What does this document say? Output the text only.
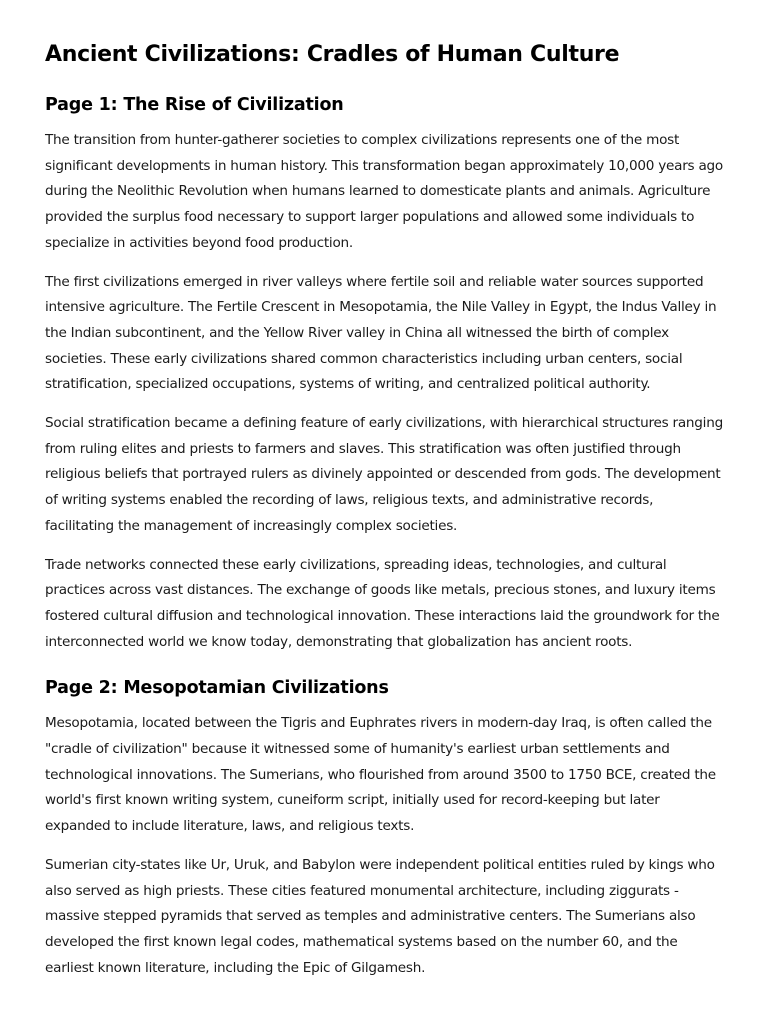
Ancient Civilizations: Cradles of Human Culture
Page 1: The Rise of Civilization

The transition from hunter-gatherer societies to complex civilizations represents one of the most significant developments in human history. This transformation began approximately 10,000 years ago during the Neolithic Revolution when humans learned to domesticate plants and animals. Agriculture provided the surplus food necessary to support larger populations and allowed some individuals to specialize in activities beyond food production.

The first civilizations emerged in river valleys where fertile soil and reliable water sources supported intensive agriculture. The Fertile Crescent in Mesopotamia, the Nile Valley in Egypt, the Indus Valley in the Indian subcontinent, and the Yellow River valley in China all witnessed the birth of complex societies. These early civilizations shared common characteristics including urban centers, social stratification, specialized occupations, systems of writing, and centralized political authority.

Social stratification became a defining feature of early civilizations, with hierarchical structures ranging from ruling elites and priests to farmers and slaves. This stratification was often justified through religious beliefs that portrayed rulers as divinely appointed or descended from gods. The development of writing systems enabled the recording of laws, religious texts, and administrative records, facilitating the management of increasingly complex societies.

Trade networks connected these early civilizations, spreading ideas, technologies, and cultural practices across vast distances. The exchange of goods like metals, precious stones, and luxury items fostered cultural diffusion and technological innovation. These interactions laid the groundwork for the interconnected world we know today, demonstrating that globalization has ancient roots.

Page 2: Mesopotamian Civilizations

Mesopotamia, located between the Tigris and Euphrates rivers in modern-day Iraq, is often called the "cradle of civilization" because it witnessed some of humanity's earliest urban settlements and technological innovations. The Sumerians, who flourished from around 3500 to 1750 BCE, created the world's first known writing system, cuneiform script, initially used for record-keeping but later expanded to include literature, laws, and religious texts.

Sumerian city-states like Ur, Uruk, and Babylon were independent political entities ruled by kings who also served as high priests. These cities featured monumental architecture, including ziggurats - massive stepped pyramids that served as temples and administrative centers. The Sumerians also developed the first known legal codes, mathematical systems based on the number 60, and the earliest known literature, including the Epic of Gilgamesh.
